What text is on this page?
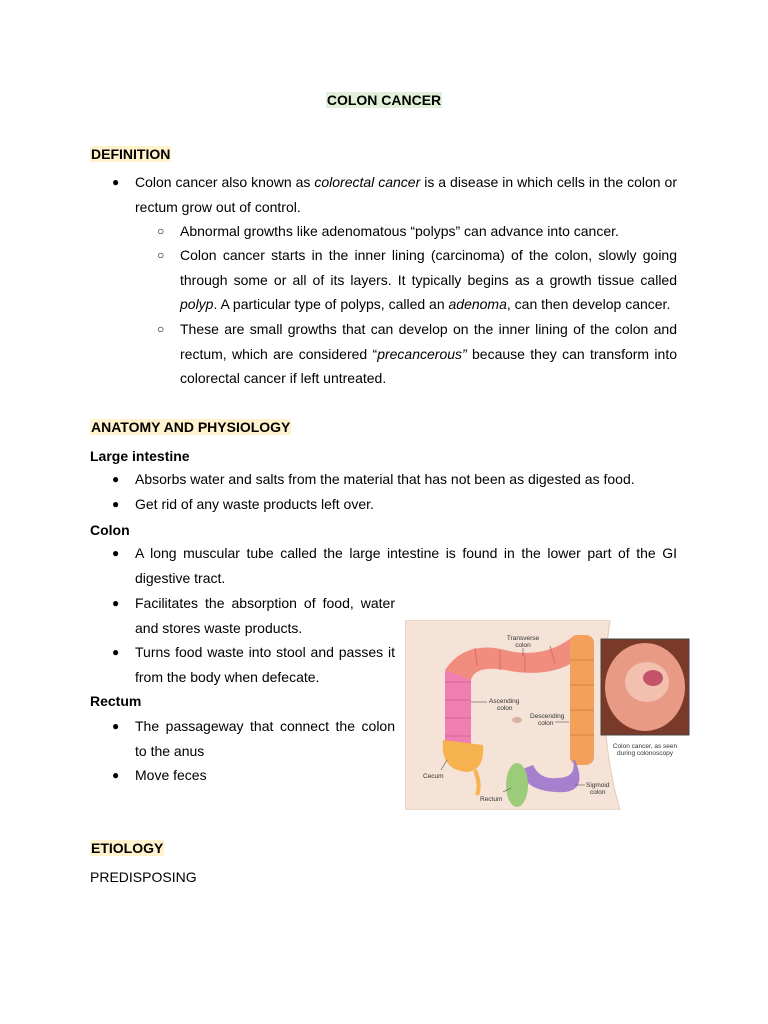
COLON CANCER
DEFINITION
● Colon cancer also known as colorectal cancer is a disease in which cells in the colon or rectum grow out of control.
○ Abnormal growths like adenomatous “polyps” can advance into cancer.
○ Colon cancer starts in the inner lining (carcinoma) of the colon, slowly going through some or all of its layers. It typically begins as a growth tissue called polyp. A particular type of polyps, called an adenoma, can then develop cancer.
○ These are small growths that can develop on the inner lining of the colon and rectum, which are considered “precancerous” because they can transform into colorectal cancer if left untreated.
ANATOMY AND PHYSIOLOGY
Large intestine
● Absorbs water and salts from the material that has not been as digested as food.
● Get rid of any waste products left over.
Colon
● A long muscular tube called the large intestine is found in the lower part of the GI digestive tract.
● Facilitates the absorption of food, water and stores waste products.
● Turns food waste into stool and passes it from the body when defecate.
Rectum
● The passageway that connect the colon to the anus
● Move feces
Transverse
colon
Ascending
colon
Descending
colon
Cecum
Rectum
Sigmoid
colon
Colon cancer, as seen
during colonoscopy
ETIOLOGY
PREDISPOSING
